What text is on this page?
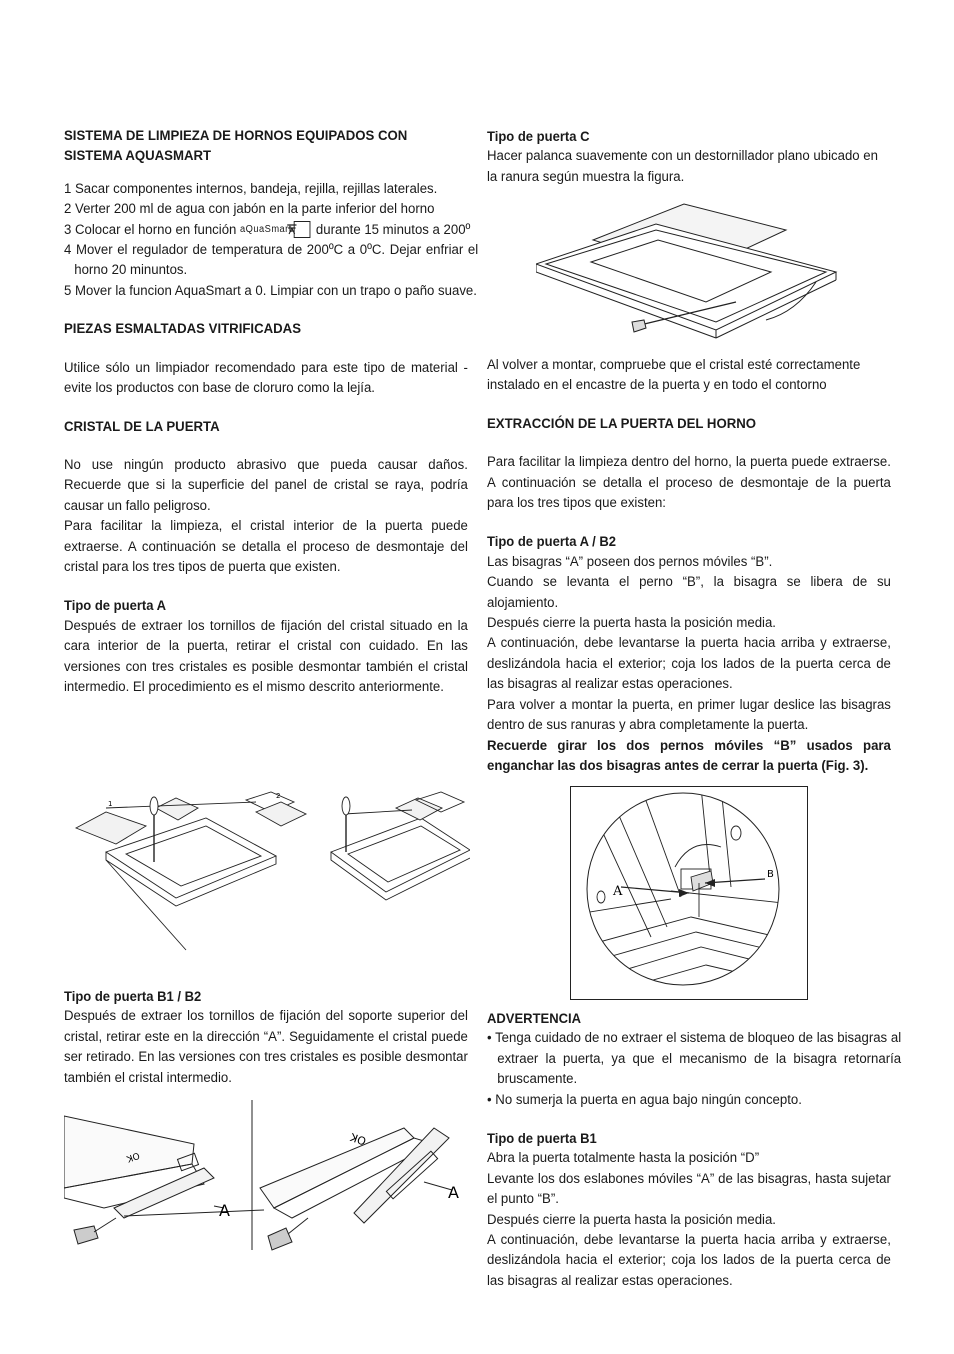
SISTEMA DE LIMPIEZA DE HORNOS EQUIPADOS CON SISTEMA AQUASMART

1 Sacar componentes internos, bandeja, rejilla, rejillas laterales.

2 Verter 200 ml de agua con jabón en la parte inferior del horno

3 Colocar el horno en función aQuaSmart durante 15 minutos a 200º

4 Mover el regulador de temperatura de 200ºC a 0ºC. Dejar enfriar el horno 20 minuntos.

5 Mover la funcion AquaSmart a 0. Limpiar con un trapo o paño suave.

PIEZAS ESMALTADAS VITRIFICADAS

Utilice sólo un limpiador recomendado para este tipo de material - evite los productos con base de cloruro como la lejía.

CRISTAL DE LA PUERTA

No use ningún producto abrasivo que pueda causar daños. Recuerde que si la superficie del panel de cristal se raya, podría causar un fallo peligroso.

Para facilitar la limpieza, el cristal interior de la puerta puede extraerse. A continuación se detalla el proceso de desmontaje del cristal para los tres tipos de puerta que existen.

Tipo de puerta A

Después de extraer los tornillos de fijación del cristal situado en la cara interior de la puerta, retirar el cristal con cuidado. En las versiones con tres cristales es posible desmontar también el cristal intermedio. El procedimiento es el mismo descrito anteriormente.

Tipo de puerta B1 / B2

Después de extraer los tornillos de fijación del soporte superior del cristal, retirar este en la dirección “A”. Seguidamente el cristal puede ser retirado. En las versiones con tres cristales es posible desmontar también el cristal intermedio.

Tipo de puerta C

Hacer palanca suavemente con un destornillador plano ubicado en la ranura según muestra la figura.

Al volver a montar, compruebe que el cristal esté correctamente instalado en el encastre de la puerta y en todo el contorno

EXTRACCIÓN DE LA PUERTA DEL HORNO

Para facilitar la limpieza dentro del horno, la puerta puede extraerse. A continuación se detalla el proceso de desmontaje de la puerta para los tres tipos que existen:

Tipo de puerta A / B2

Las bisagras “A” poseen dos pernos móviles “B”.

Cuando se levanta el perno “B”, la bisagra se libera de su alojamiento.

Después cierre la puerta hasta la posición media.

A continuación, debe levantarse la puerta hacia arriba y extraerse, deslizándola hacia el exterior; coja los lados de la puerta cerca de las bisagras al realizar estas operaciones.

Para volver a montar la puerta, en primer lugar deslice las bisagras dentro de sus ranuras y abra completamente la puerta.

Recuerde girar los dos pernos móviles “B” usados para enganchar las dos bisagras antes de cerrar la puerta (Fig. 3).

ADVERTENCIA

• Tenga cuidado de no extraer el sistema de bloqueo de las bisagras al extraer la puerta, ya que el mecanismo de la bisagra retornaría bruscamente.

• No sumerja la puerta en agua bajo ningún concepto.

Tipo de puerta B1

Abra la puerta totalmente hasta la posición “D”

Levante los dos eslabones móviles “A” de las bisagras, hasta sujetar el punto “B”.

Después cierre la puerta hasta la posición media.

A continuación, debe levantarse la puerta hacia arriba y extraerse, deslizándola hacia el exterior; coja los lados de la puerta cerca de las bisagras al realizar estas operaciones.

1
2
OK
OK
A
A
A
B
